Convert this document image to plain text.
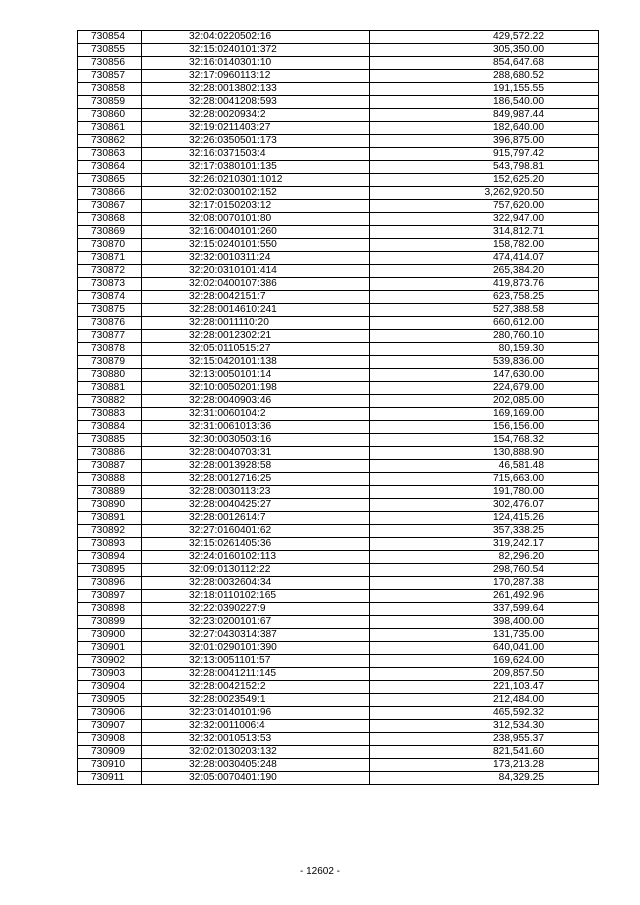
730854	32:04:0220502:16	429,572.22
730855	32:15:0240101:372	305,350.00
730856	32:16:0140301:10	854,647.68
730857	32:17:0960113:12	288,680.52
730858	32:28:0013802:133	191,155.55
730859	32:28:0041208:593	186,540.00
730860	32:28:0020934:2	849,987.44
730861	32:19:0211403:27	182,640.00
730862	32:26:0350501:173	396,875.00
730863	32:16:0371503:4	915,797.42
730864	32:17:0380101:135	543,798.81
730865	32:26:0210301:1012	152,625.20
730866	32:02:0300102:152	3,262,920.50
730867	32:17:0150203:12	757,620.00
730868	32:08:0070101:80	322,947.00
730869	32:16:0040101:260	314,812.71
730870	32:15:0240101:550	158,782.00
730871	32:32:0010311:24	474,414.07
730872	32:20:0310101:414	265,384.20
730873	32:02:0400107:386	419,873.76
730874	32:28:0042151:7	623,758.25
730875	32:28:0014610:241	527,388.58
730876	32:28:0011110:20	660,612.00
730877	32:28:0012302:21	280,760.10
730878	32:05:0110515:27	80,159.30
730879	32:15:0420101:138	539,836.00
730880	32:13:0050101:14	147,630.00
730881	32:10:0050201:198	224,679.00
730882	32:28:0040903:46	202,085.00
730883	32:31:0060104:2	169,169.00
730884	32:31:0061013:36	156,156.00
730885	32:30:0030503:16	154,768.32
730886	32:28:0040703:31	130,888.90
730887	32:28:0013928:58	46,581.48
730888	32:28:0012716:25	715,663.00
730889	32:28:0030113:23	191,780.00
730890	32:28:0040425:27	302,476.07
730891	32:28:0012614:7	124,415.26
730892	32:27:0160401:62	357,338.25
730893	32:15:0261405:36	319,242.17
730894	32:24:0160102:113	82,296.20
730895	32:09:0130112:22	298,760.54
730896	32:28:0032604:34	170,287.38
730897	32:18:0110102:165	261,492.96
730898	32:22:0390227:9	337,599.64
730899	32:23:0200101:67	398,400.00
730900	32:27:0430314:387	131,735.00
730901	32:01:0290101:390	640,041.00
730902	32:13:0051101:57	169,624.00
730903	32:28:0041211:145	209,857.50
730904	32:28:0042152:2	221,103.47
730905	32:28:0023549:1	212,484.00
730906	32:23:0140101:96	465,592.32
730907	32:32:0011006:4	312,534.30
730908	32:32:0010513:53	238,955.37
730909	32:02:0130203:132	821,541.60
730910	32:28:0030405:248	173,213.28
730911	32:05:0070401:190	84,329.25
- 12602 -
